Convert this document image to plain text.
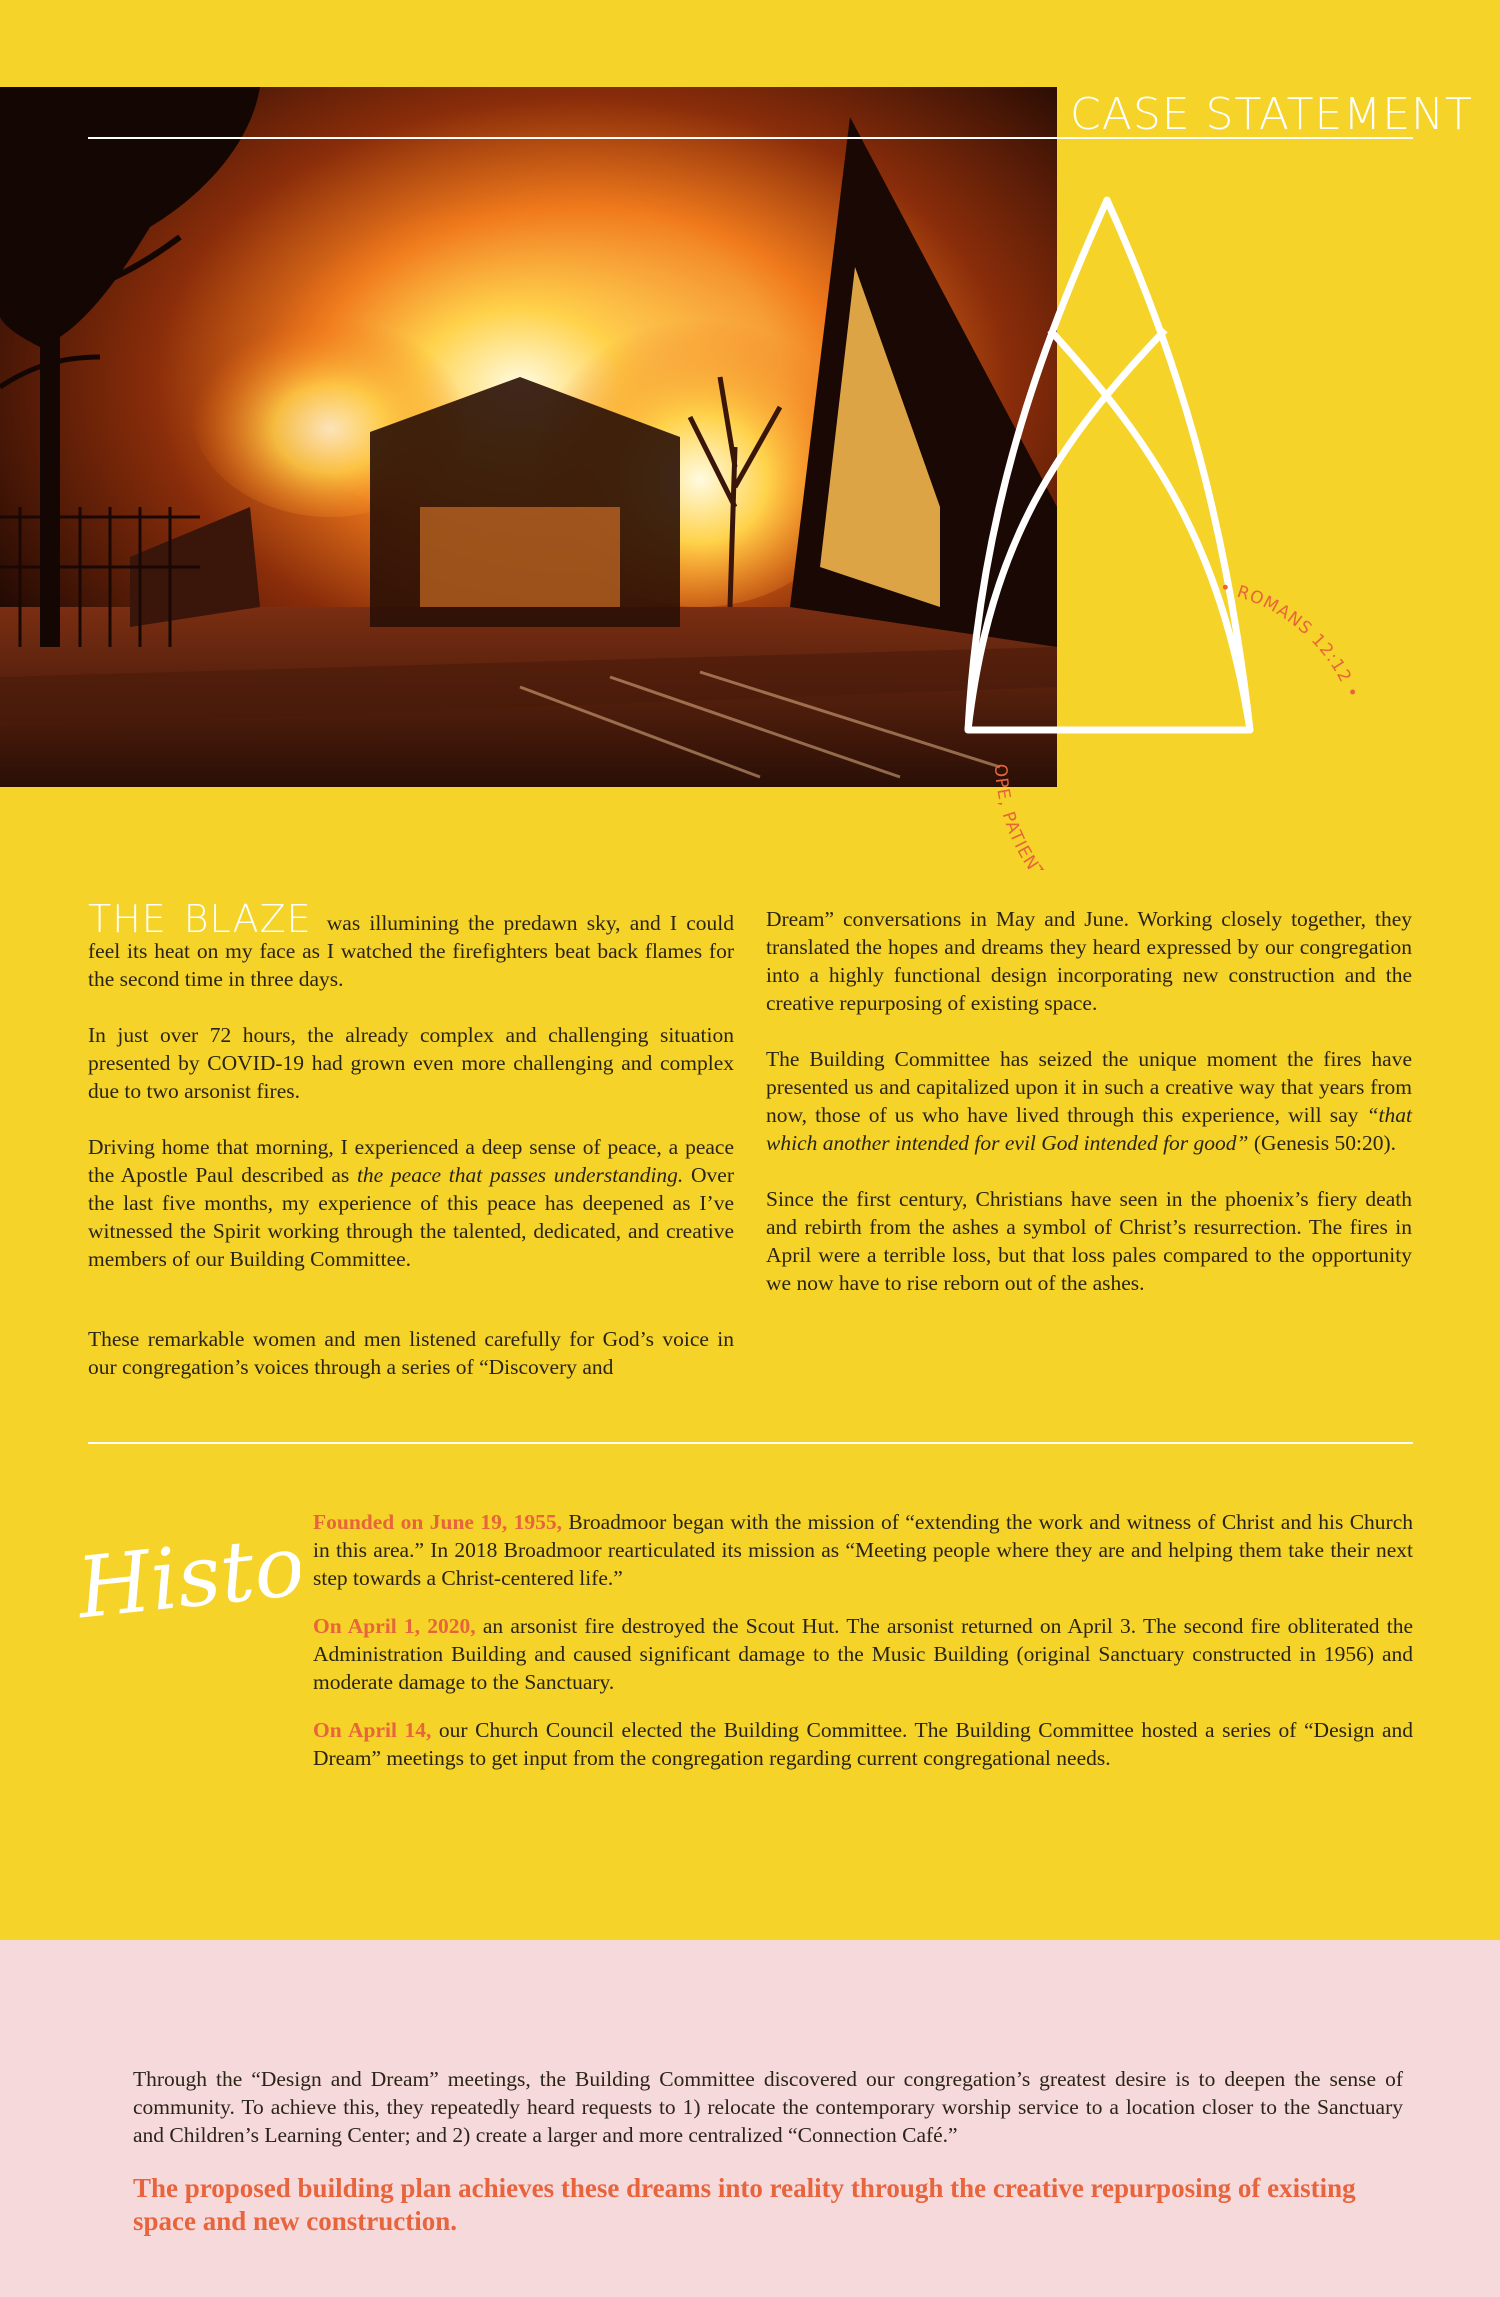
CASE STATEMENT
• ROMANS 12:12 •
OPE, PATIEN

THE BLAZE was illumining the predawn sky, and I could feel its heat on my face as I watched the firefighters beat back flames for the second time in three days.

In just over 72 hours, the already complex and challenging situation presented by COVID-19 had grown even more challenging and complex due to two arsonist fires.

Driving home that morning, I experienced a deep sense of peace, a peace the Apostle Paul described as the peace that passes understanding. Over the last five months, my experience of this peace has deepened as I’ve witnessed the Spirit working through the talented, dedicated, and creative members of our Building Committee.

These remarkable women and men listened carefully for God’s voice in our congregation’s voices through a series of “Discovery and

Dream” conversations in May and June. Working closely together, they translated the hopes and dreams they heard expressed by our congregation into a highly functional design incorporating new construction and the creative repurposing of existing space.

The Building Committee has seized the unique moment the fires have presented us and capitalized upon it in such a creative way that years from now, those of us who have lived through this experience, will say “that which another intended for evil God intended for good” (Genesis 50:20).

Since the first century, Christians have seen in the phoenix’s fiery death and rebirth from the ashes a symbol of Christ’s resurrection. The fires in April were a terrible loss, but that loss pales compared to the opportunity we now have to rise reborn out of the ashes.

History

Founded on June 19, 1955, Broadmoor began with the mission of “extending the work and witness of Christ and his Church in this area.” In 2018 Broadmoor rearticulated its mission as “Meeting people where they are and helping them take their next step towards a Christ-centered life.”

On April 1, 2020, an arsonist fire destroyed the Scout Hut. The arsonist returned on April 3. The second fire obliterated the Administration Building and caused significant damage to the Music Building (original Sanctuary constructed in 1956) and moderate damage to the Sanctuary.

On April 14, our Church Council elected the Building Committee. The Building Committee hosted a series of “Design and Dream” meetings to get input from the congregation regarding current congregational needs.

Through the “Design and Dream” meetings, the Building Committee discovered our congregation’s greatest desire is to deepen the sense of community. To achieve this, they repeatedly heard requests to 1) relocate the contemporary worship service to a location closer to the Sanctuary and Children’s Learning Center; and 2) create a larger and more centralized “Connection Café.”
The proposed building plan achieves these dreams into reality through the creative repurposing of existing space and new construction.
